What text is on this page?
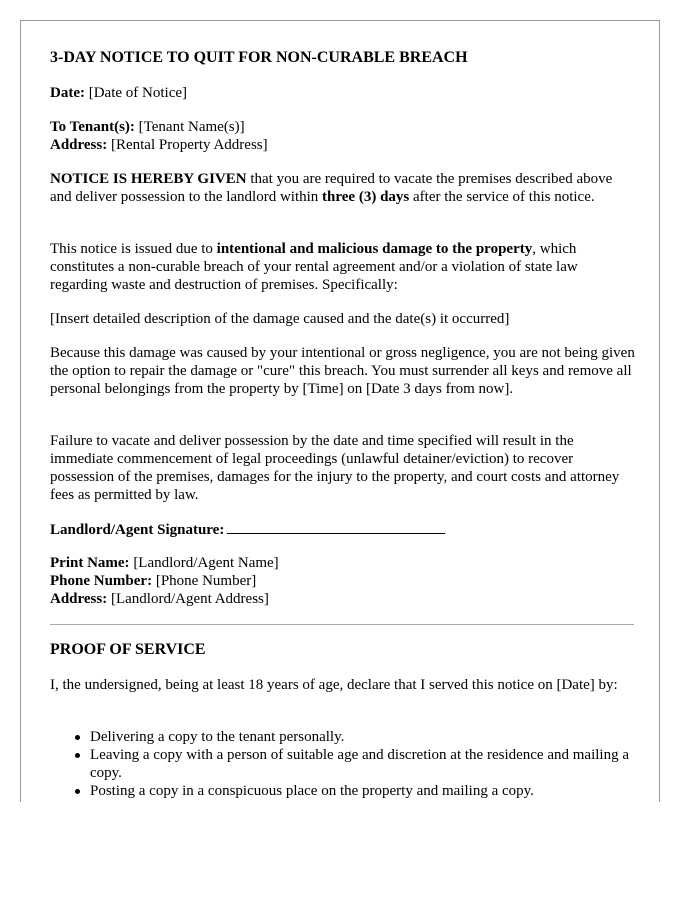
3-DAY NOTICE TO QUIT FOR NON-CURABLE BREACH
Date: [Date of Notice]
To Tenant(s): [Tenant Name(s)]
Address: [Rental Property Address]

NOTICE IS HEREBY GIVEN that you are required to vacate the premises described above and deliver possession to the landlord within three (3) days after the service of this notice.

This notice is issued due to intentional and malicious damage to the property, which constitutes a non-curable breach of your rental agreement and/or a violation of state law regarding waste and destruction of premises. Specifically:

[Insert detailed description of the damage caused and the date(s) it occurred]

Because this damage was caused by your intentional or gross negligence, you are not being given the option to repair the damage or "cure" this breach. You must surrender all keys and remove all personal belongings from the property by [Time] on [Date 3 days from now].

Failure to vacate and deliver possession by the date and time specified will result in the immediate commencement of legal proceedings (unlawful detainer/eviction) to recover possession of the premises, damages for the injury to the property, and court costs and attorney fees as permitted by law.

Landlord/Agent Signature:
Print Name: [Landlord/Agent Name]
Phone Number: [Phone Number]
Address: [Landlord/Agent Address]
PROOF OF SERVICE

I, the undersigned, being at least 18 years of age, declare that I served this notice on [Date] by:

Delivering a copy to the tenant personally.
Leaving a copy with a person of suitable age and discretion at the residence and mailing a copy.
Posting a copy in a conspicuous place on the property and mailing a copy.
